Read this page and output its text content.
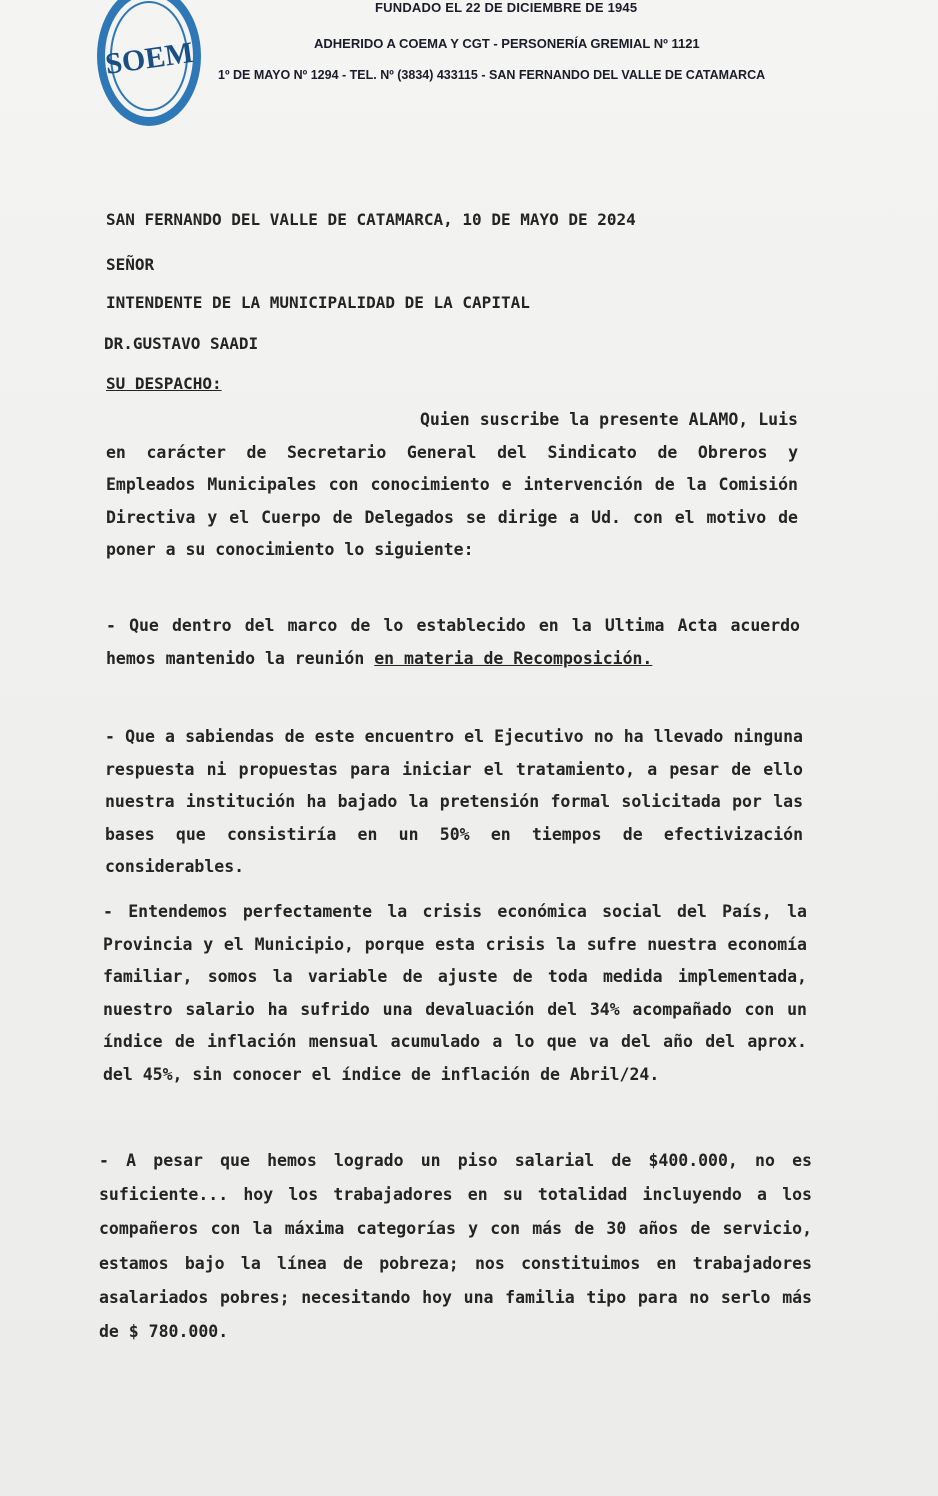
SOEM
FUNDADO EL 22 DE DICIEMBRE DE 1945
ADHERIDO A COEMA Y CGT - PERSONERÍA GREMIAL Nº 1121
1º DE MAYO Nº 1294 - TEL. Nº (3834) 433115 - SAN FERNANDO DEL VALLE DE CATAMARCA
SAN FERNANDO DEL VALLE DE CATAMARCA, 10 DE MAYO DE 2024
SEÑOR
INTENDENTE DE LA MUNICIPALIDAD DE LA CAPITAL
DR.GUSTAVO SAADI
SU DESPACHO:
Quien suscribe la presente ALAMO, Luis en carácter de Secretario General del Sindicato de Obreros y Empleados Municipales con conocimiento e intervención de la Comisión Directiva y el Cuerpo de Delegados se dirige a Ud. con el motivo de poner a su conocimiento lo siguiente:
- Que dentro del marco de lo establecido en la Ultima Acta acuerdo hemos mantenido la reunión en materia de Recomposición.
- Que a sabiendas de este encuentro el Ejecutivo no ha llevado ninguna respuesta ni propuestas para iniciar el tratamiento, a pesar de ello nuestra institución ha bajado la pretensión formal solicitada por las bases que consistiría en un 50% en tiempos de efectivización considerables.
- Entendemos perfectamente la crisis económica social del País, la Provincia y el Municipio, porque esta crisis la sufre nuestra economía familiar, somos la variable de ajuste de toda medida implementada, nuestro salario ha sufrido una devaluación del 34% acompañado con un índice de inflación mensual acumulado a lo que va del año del aprox. del 45%, sin conocer el índice de inflación de Abril/24.
- A pesar que hemos logrado un piso salarial de $400.000, no es suficiente... hoy los trabajadores en su totalidad incluyendo a los compañeros con la máxima categorías y con más de 30 años de servicio, estamos bajo la línea de pobreza; nos constituimos en trabajadores asalariados pobres; necesitando hoy una familia tipo para no serlo más de $ 780.000.
